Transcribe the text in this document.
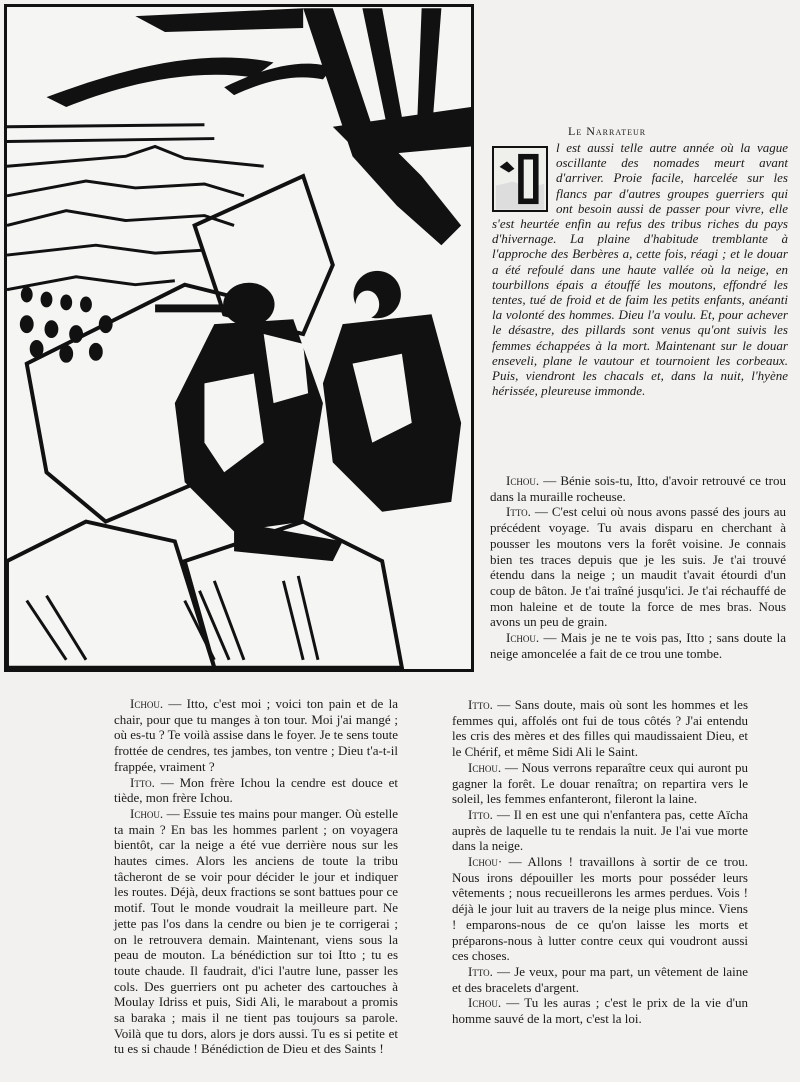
Le Narrateur

l est aussi telle autre année où la vague oscillante des nomades meurt avant d'arriver. Proie facile, harcelée sur les flancs par d'autres groupes guerriers qui ont besoin aussi de passer pour vivre, elle s'est heurtée enfin au refus des tribus riches du pays d'hivernage. La plaine d'habitude tremblante à l'approche des Berbères a, cette fois, réagi ; et le douar a été refoulé dans une haute vallée où la neige, en tourbillons épais a étouffé les moutons, effondré les tentes, tué de froid et de faim les petits enfants, anéanti la volonté des hommes. Dieu l'a voulu. Et, pour achever le désastre, des pillards sont venus qu'ont suivis les femmes échappées à la mort. Maintenant sur le douar enseveli, plane le vautour et tournoient les corbeaux. Puis, viendront les chacals et, dans la nuit, l'hyène hérissée, pleureuse immonde.

Ichou. — Bénie sois-tu, Itto, d'avoir retrouvé ce trou dans la muraille rocheuse.

Itto. — C'est celui où nous avons passé des jours au précédent voyage. Tu avais disparu en cherchant à pousser les moutons vers la forêt voisine. Je connais bien tes traces depuis que je les suis. Je t'ai trouvé étendu dans la neige ; un maudit t'avait étourdi d'un coup de bâton. Je t'ai traîné jusqu'ici. Je t'ai réchauffé de mon haleine et de toute la force de mes bras. Nous avons un peu de grain.

Ichou. — Mais je ne te vois pas, Itto ; sans doute la neige amoncelée a fait de ce trou une tombe.

Ichou. — Itto, c'est moi ; voici ton pain et de la chair, pour que tu manges à ton tour. Moi j'ai mangé ; où es-tu ? Te voilà assise dans le foyer. Je te sens toute frottée de cendres, tes jambes, ton ventre ; Dieu t'a-t-il frappée, vraiment ?

Itto. — Mon frère Ichou la cendre est douce et tiède, mon frère Ichou.

Ichou. — Essuie tes mains pour manger. Où estelle ta main ? En bas les hommes parlent ; on voyagera bientôt, car la neige a été vue derrière nous sur les hautes cimes. Alors les anciens de toute la tribu tâcheront de se voir pour décider le jour et indiquer les routes. Déjà, deux fractions se sont battues pour ce motif. Tout le monde voudrait la meilleure part. Ne jette pas l'os dans la cendre ou bien je te corrigerai ; on le retrouvera demain. Maintenant, viens sous la peau de mouton. La bénédiction sur toi Itto ; tu es toute chaude. Il faudrait, d'ici l'autre lune, passer les cols. Des guerriers ont pu acheter des cartouches à Moulay Idriss et puis, Sidi Ali, le marabout a promis sa baraka ; mais il ne tient pas toujours sa parole. Voilà que tu dors, alors je dors aussi. Tu es si petite et tu es si chaude ! Bénédiction de Dieu et des Saints !

Itto. — Sans doute, mais où sont les hommes et les femmes qui, affolés ont fui de tous côtés ? J'ai entendu les cris des mères et des filles qui maudissaient Dieu, et le Chérif, et même Sidi Ali le Saint.

Ichou. — Nous verrons reparaître ceux qui auront pu gagner la forêt. Le douar renaîtra; on repartira vers le soleil, les femmes enfanteront, fileront la laine.

Itto. — Il en est une qui n'enfantera pas, cette Aïcha auprès de laquelle tu te rendais la nuit. Je l'ai vue morte dans la neige.

Ichou· — Allons ! travaillons à sortir de ce trou. Nous irons dépouiller les morts pour posséder leurs vêtements ; nous recueillerons les armes perdues. Vois ! déjà le jour luit au travers de la neige plus mince. Viens ! emparons-nous de ce qu'on laisse les morts et préparons-nous à lutter contre ceux qui voudront aussi ces choses.

Itto. — Je veux, pour ma part, un vêtement de laine et des bracelets d'argent.

Ichou. — Tu les auras ; c'est le prix de la vie d'un homme sauvé de la mort, c'est la loi.
